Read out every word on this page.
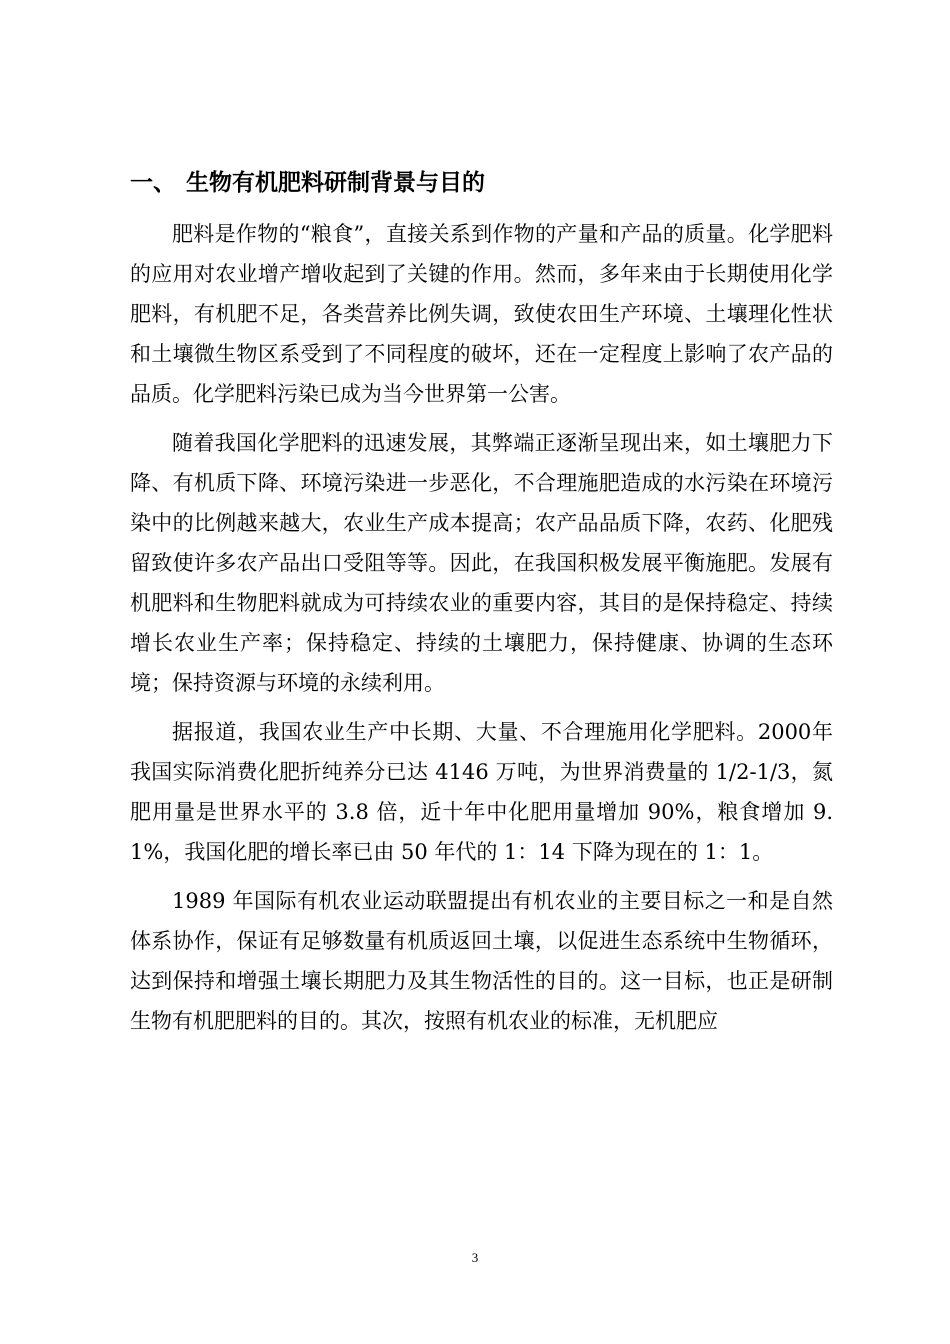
一、 生物有机肥料研制背景与目的

肥料是作物的“粮食”，直接关系到作物的产量和产品的质量。化学肥料的应用对农业增产增收起到了关键的作用。然而，多年来由于长期使用化学肥料，有机肥不足，各类营养比例失调，致使农田生产环境、土壤理化性状和土壤微生物区系受到了不同程度的破坏，还在一定程度上影响了农产品的品质。化学肥料污染已成为当今世界第一公害。

随着我国化学肥料的迅速发展，其弊端正逐渐呈现出来，如土壤肥力下降、有机质下降、环境污染进一步恶化，不合理施肥造成的水污染在环境污染中的比例越来越大，农业生产成本提高；农产品品质下降，农药、化肥残留致使许多农产品出口受阻等等。因此，在我国积极发展平衡施肥。发展有机肥料和生物肥料就成为可持续农业的重要内容，其目的是保持稳定、持续增长农业生产率；保持稳定、持续的土壤肥力，保持健康、协调的生态环境；保持资源与环境的永续利用。

据报道，我国农业生产中长期、大量、不合理施用化学肥料。2000年我国实际消费化肥折纯养分已达 4146 万吨，为世界消费量的 1/2-1/3，氮肥用量是世界水平的 3.8 倍，近十年中化肥用量增加 90%，粮食增加 9.1%，我国化肥的增长率已由 50 年代的 1：14 下降为现在的 1：1。

1989 年国际有机农业运动联盟提出有机农业的主要目标之一和是自然体系协作，保证有足够数量有机质返回土壤，以促进生态系统中生物循环，达到保持和增强土壤长期肥力及其生物活性的目的。这一目标，也正是研制生物有机肥肥料的目的。其次，按照有机农业的标准，无机肥应

3
